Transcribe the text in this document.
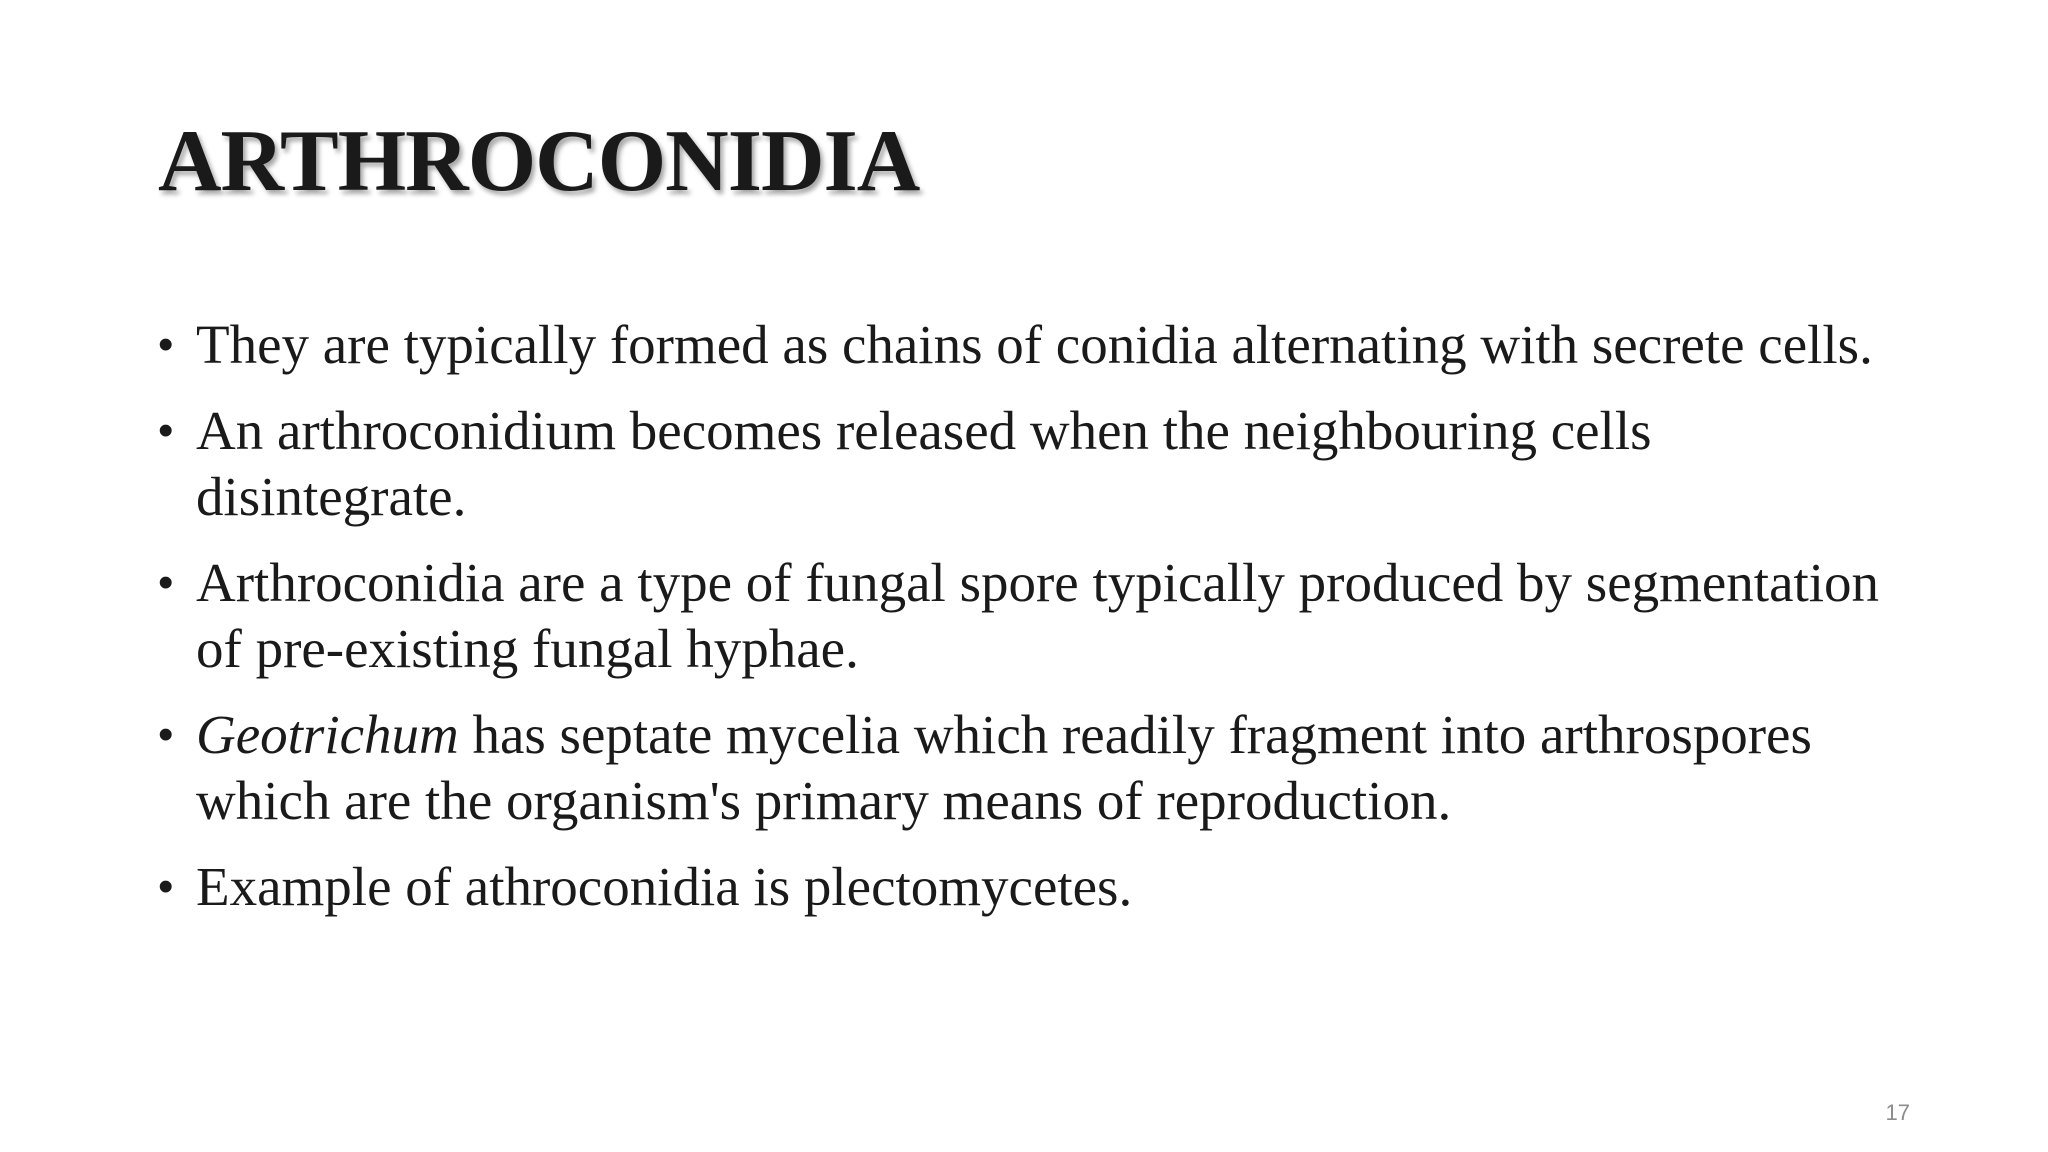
ARTHROCONIDIA
• They are typically formed as chains of conidia alternating with secrete cells.
• An arthroconidium becomes released when the neighbouring cells disintegrate.
• Arthroconidia are a type of fungal spore typically produced by segmentation of pre-existing fungal hyphae.
• Geotrichum has septate mycelia which readily fragment into arthrospores which are the organism's primary means of reproduction.
• Example of athroconidia is plectomycetes.
17
